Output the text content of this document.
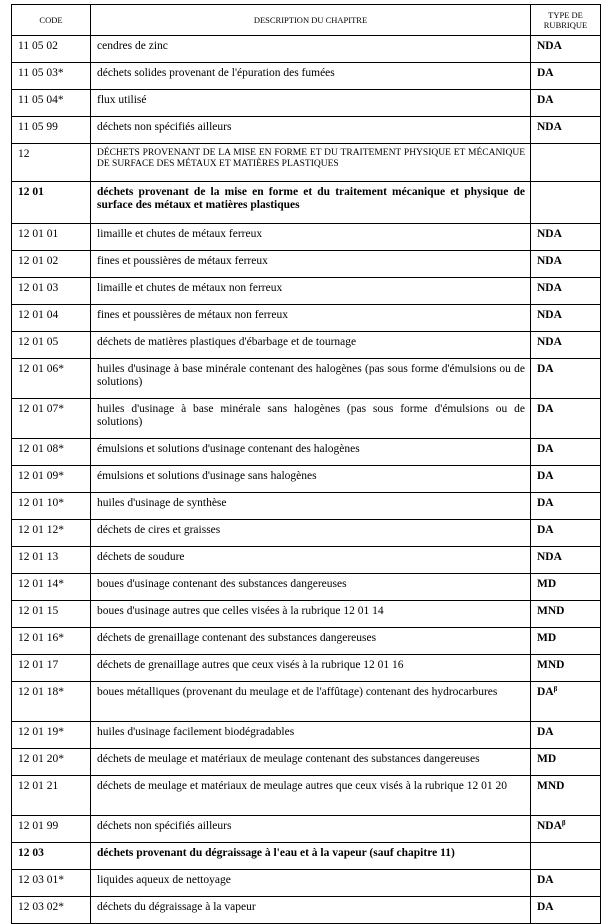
CODE	DESCRIPTION DU CHAPITRE	TYPE DE RUBRIQUE
11 05 02	cendres de zinc	NDA
11 05 03*	déchets solides provenant de l'épuration des fumées	DA
11 05 04*	flux utilisé	DA
11 05 99	déchets non spécifiés ailleurs	NDA
12	DÉCHETS PROVENANT DE LA MISE EN FORME ET DU TRAITEMENT PHYSIQUE ET MÉCANIQUE DE SURFACE DES MÉTAUX ET MATIÈRES PLASTIQUES	
12 01	déchets provenant de la mise en forme et du traitement mécanique et physique de surface des métaux et matières plastiques	
12 01 01	limaille et chutes de métaux ferreux	NDA
12 01 02	fines et poussières de métaux ferreux	NDA
12 01 03	limaille et chutes de métaux non ferreux	NDA
12 01 04	fines et poussières de métaux non ferreux	NDA
12 01 05	déchets de matières plastiques d'ébarbage et de tournage	NDA
12 01 06*	huiles d'usinage à base minérale contenant des halogènes (pas sous forme d'émulsions ou de solutions)	DA
12 01 07*	huiles d'usinage à base minérale sans halogènes (pas sous forme d'émulsions ou de solutions)	DA
12 01 08*	émulsions et solutions d'usinage contenant des halogènes	DA
12 01 09*	émulsions et solutions d'usinage sans halogènes	DA
12 01 10*	huiles d'usinage de synthèse	DA
12 01 12*	déchets de cires et graisses	DA
12 01 13	déchets de soudure	NDA
12 01 14*	boues d'usinage contenant des substances dangereuses	MD
12 01 15	boues d'usinage autres que celles visées à la rubrique 12 01 14	MND
12 01 16*	déchets de grenaillage contenant des substances dangereuses	MD
12 01 17	déchets de grenaillage autres que ceux visés à la rubrique 12 01 16	MND
12 01 18*	boues métalliques (provenant du meulage et de l'affûtage) contenant des hydrocarbures	$DA^\beta$
12 01 19*	huiles d'usinage facilement biodégradables	DA
12 01 20*	déchets de meulage et matériaux de meulage contenant des substances dangereuses	MD
12 01 21	déchets de meulage et matériaux de meulage autres que ceux visés à la rubrique 12 01 20	MND
12 01 99	déchets non spécifiés ailleurs	$NDA^\beta$
12 03	déchets provenant du dégraissage à l'eau et à la vapeur (sauf chapitre 11)	
12 03 01*	liquides aqueux de nettoyage	DA
12 03 02*	déchets du dégraissage à la vapeur	DA
